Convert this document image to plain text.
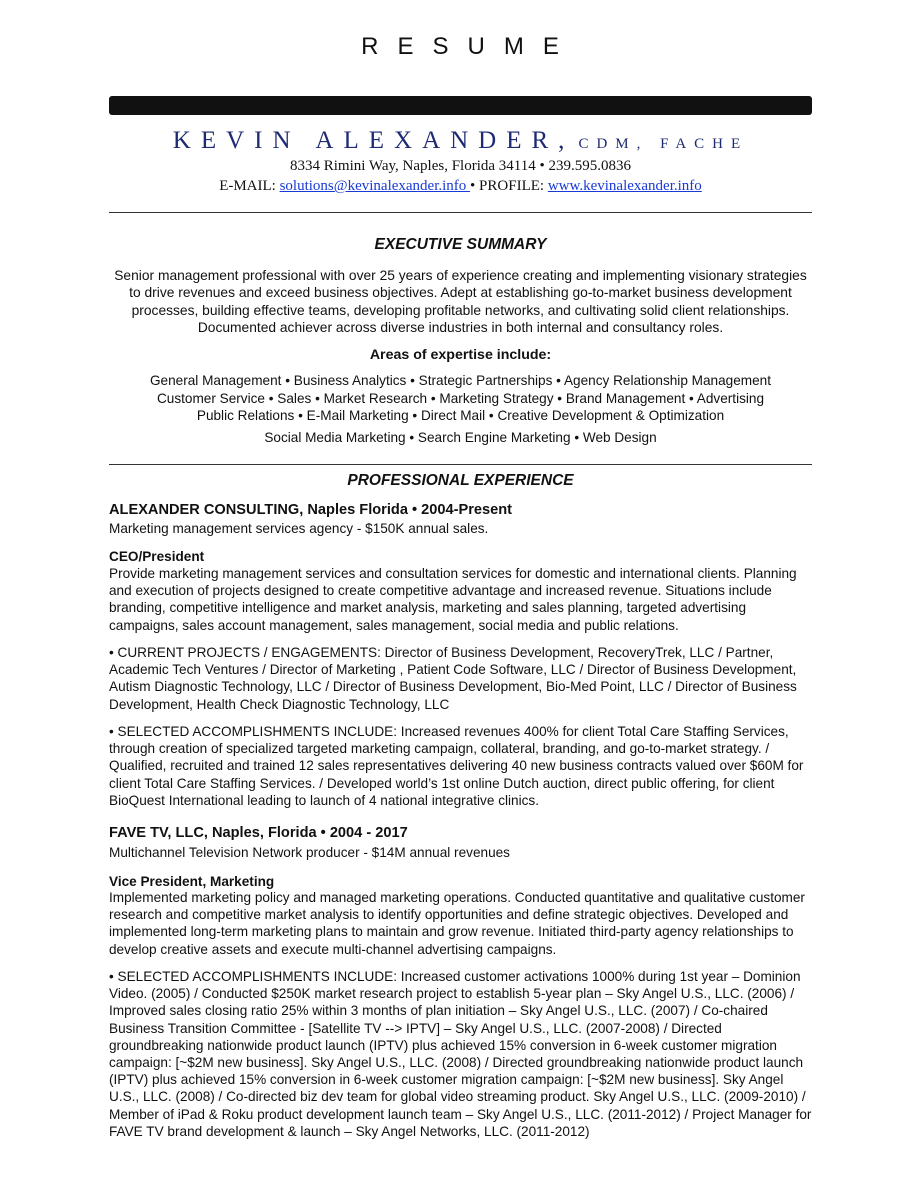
RESUME
KEVIN ALEXANDER, CDM, FACHE
8334 Rimini Way, Naples, Florida 34114 • 239.595.0836
E-MAIL: solutions@kevinalexander.info • PROFILE: www.kevinalexander.info
EXECUTIVE SUMMARY
Senior management professional with over 25 years of experience creating and implementing visionary strategies to drive revenues and exceed business objectives. Adept at establishing go-to-market business development processes, building effective teams, developing profitable networks, and cultivating solid client relationships. Documented achiever across diverse industries in both internal and consultancy roles.
Areas of expertise include:
General Management • Business Analytics • Strategic Partnerships • Agency Relationship Management
Customer Service • Sales • Market Research • Marketing Strategy • Brand Management • Advertising
Public Relations • E-Mail Marketing • Direct Mail • Creative Development & Optimization
Social Media Marketing • Search Engine Marketing • Web Design
PROFESSIONAL EXPERIENCE
ALEXANDER CONSULTING, Naples Florida • 2004-Present
Marketing management services agency - $150K annual sales.
CEO/President

Provide marketing management services and consultation services for domestic and international clients. Planning and execution of projects designed to create competitive advantage and increased revenue. Situations include branding, competitive intelligence and market analysis, marketing and sales planning, targeted advertising campaigns, sales account management, sales management, social media and public relations.

• CURRENT PROJECTS / ENGAGEMENTS: Director of Business Development, RecoveryTrek, LLC / Partner, Academic Tech Ventures / Director of Marketing , Patient Code Software, LLC / Director of Business Development, Autism Diagnostic Technology, LLC / Director of Business Development, Bio-Med Point, LLC / Director of Business Development, Health Check Diagnostic Technology, LLC

• SELECTED ACCOMPLISHMENTS INCLUDE: Increased revenues 400% for client Total Care Staffing Services, through creation of specialized targeted marketing campaign, collateral, branding, and go-to-market strategy. / Qualified, recruited and trained 12 sales representatives delivering 40 new business contracts valued over $60M for client Total Care Staffing Services. / Developed world’s 1st online Dutch auction, direct public offering, for client BioQuest International leading to launch of 4 national integrative clinics.

FAVE TV, LLC, Naples, Florida • 2004 - 2017
Multichannel Television Network producer - $14M annual revenues
Vice President, Marketing

Implemented marketing policy and managed marketing operations. Conducted quantitative and qualitative customer research and competitive market analysis to identify opportunities and define strategic objectives. Developed and implemented long-term marketing plans to maintain and grow revenue. Initiated third-party agency relationships to develop creative assets and execute multi-channel advertising campaigns.

• SELECTED ACCOMPLISHMENTS INCLUDE: Increased customer activations 1000% during 1st year – Dominion Video. (2005) / Conducted $250K market research project to establish 5-year plan – Sky Angel U.S., LLC. (2006) / Improved sales closing ratio 25% within 3 months of plan initiation – Sky Angel U.S., LLC. (2007) / Co-chaired Business Transition Committee - [Satellite TV --> IPTV] – Sky Angel U.S., LLC. (2007-2008) / Directed groundbreaking nationwide product launch (IPTV) plus achieved 15% conversion in 6-week customer migration campaign: [~$2M new business]. Sky Angel U.S., LLC. (2008) / Directed groundbreaking nationwide product launch (IPTV) plus achieved 15% conversion in 6-week customer migration campaign: [~$2M new business]. Sky Angel U.S., LLC. (2008) / Co-directed biz dev team for global video streaming product. Sky Angel U.S., LLC. (2009-2010) / Member of iPad & Roku product development launch team – Sky Angel U.S., LLC. (2011-2012) / Project Manager for FAVE TV brand development & launch – Sky Angel Networks, LLC. (2011-2012)
